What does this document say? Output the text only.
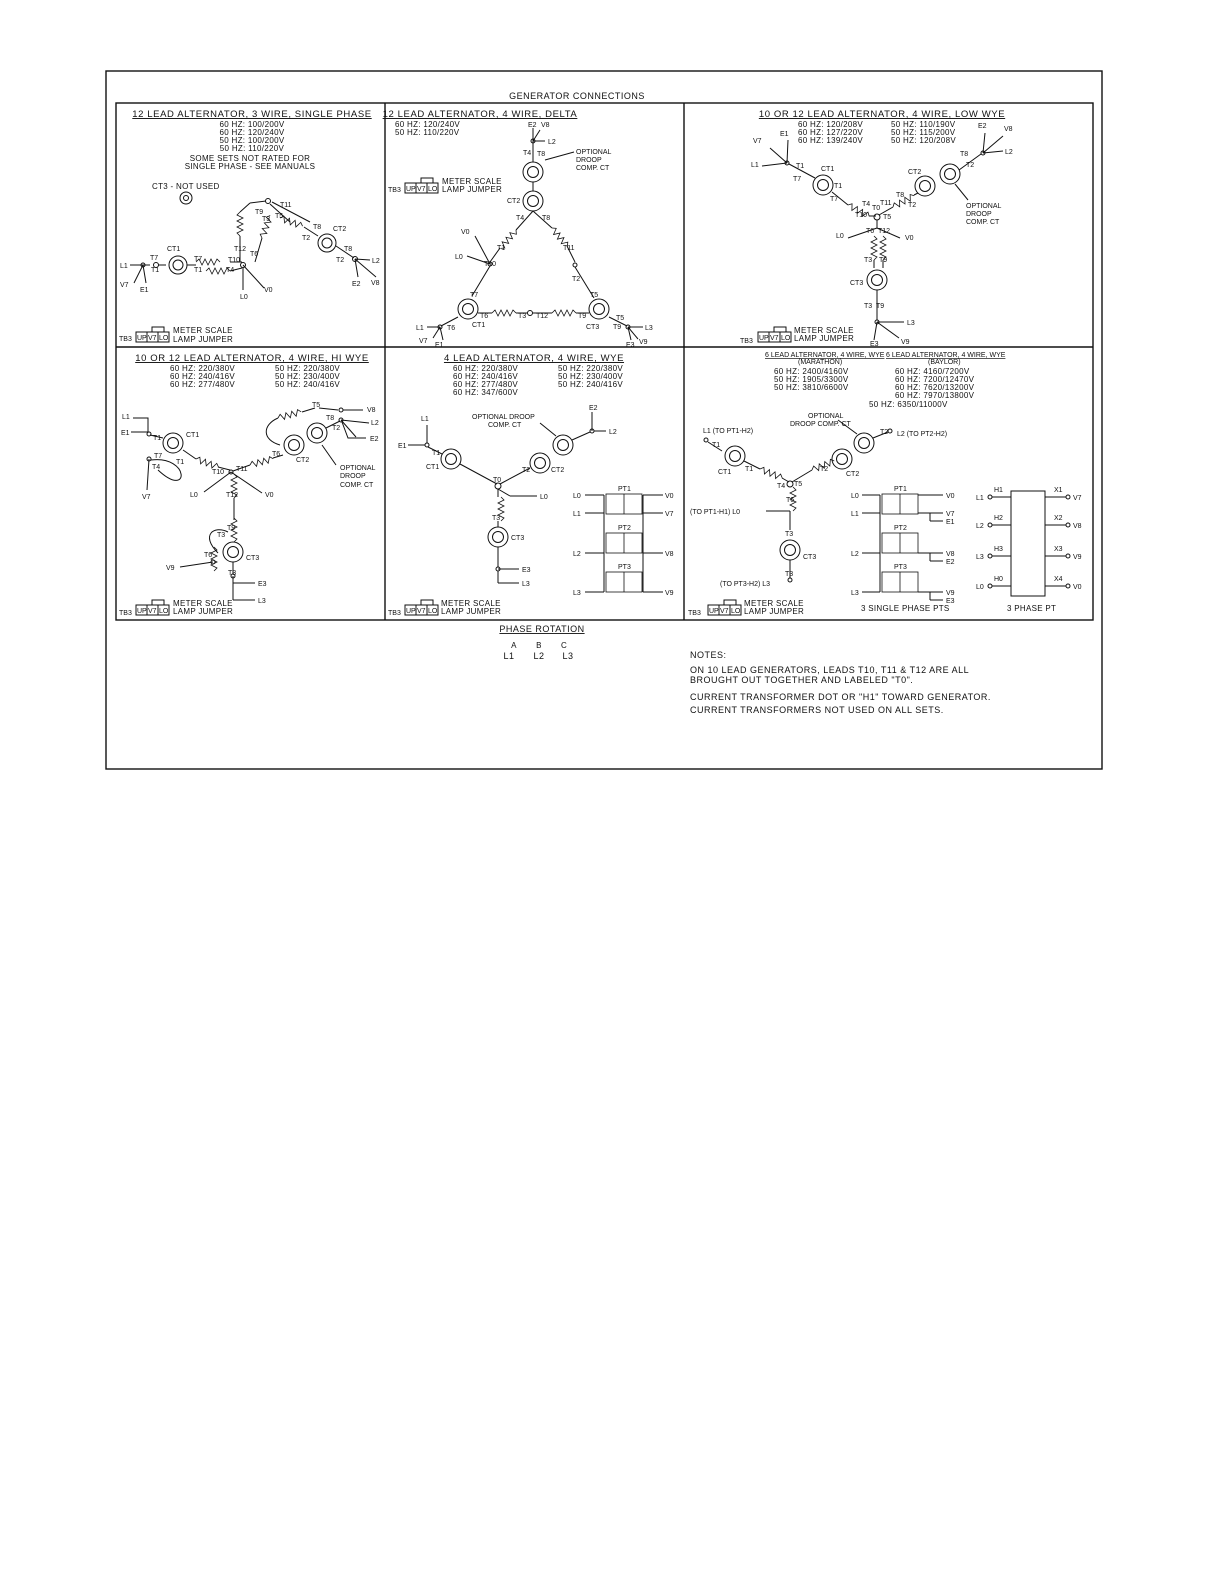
GENERATOR CONNECTIONS
12 LEAD ALTERNATOR, 3 WIRE, SINGLE PHASE
60 HZ: 100/200V
60 HZ: 120/240V
50 HZ: 100/200V
50 HZ: 110/220V
SOME SETS NOT RATED FOR
SINGLE PHASE - SEE MANUALS
CT3 - NOT USED
L1
V7
E1
T7
T1
CT1
T7
T1
T10
T4
T12
T6
L0
V0
T9
T3
T11
T5
T8
T2
CT2
T8
T2	L2
E2 V8
TB3 UP V7 LO
METER SCALE
LAMP JUMPER
12 LEAD ALTERNATOR, 4 WIRE, DELTA
60 HZ: 120/240V
50 HZ: 110/220V
E2 V8
L2
T4 T8
CT2
T4	T8
V0
L0
T1
T10
T11
T2
T7
CT1
T6	T3 T12	T9
CT3
T5
L1
V7
E1
T6
T5
T9	L3
E3 V9
OPTIONAL
DROOP
COMP. CT
TB3 UP V7 LO
METER SCALE
LAMP JUMPER
10 OR 12 LEAD ALTERNATOR, 4 WIRE, LOW WYE
60 HZ: 120/208V
60 HZ: 127/220V
60 HZ: 139/240V
50 HZ: 110/190V
50 HZ: 115/200V
50 HZ: 120/208V
V7
E1
L1	T1
T7
CT1
T1
T7
T4
T10
T0
T11
T5
T6 T12
L0	V0
T8
T2
CT2
T8
T2
E2 V8
L2
T3 T9
CT3
T3 T9
L3
E3	V9
OPTIONAL
DROOP
COMP. CT
TB3 UP V7 LO
METER SCALE
LAMP JUMPER
10 OR 12 LEAD ALTERNATOR, 4 WIRE, HI WYE
60 HZ: 220/380V
60 HZ: 240/416V
60 HZ: 277/480V
50 HZ: 220/380V
50 HZ: 230/400V
50 HZ: 240/416V
L1
E1
T1	CT1
T7
T4
T1
V7
T10 T11
L0	T12	V0
T5
V8
T8
L2
E2
T2
CT2
T6
T3
T9
T6	CT3
V9
T3
E3
L3
OPTIONAL
DROOP
COMP. CT
TB3 UP V7 LO
METER SCALE
LAMP JUMPER
4 LEAD ALTERNATOR, 4 WIRE, WYE
60 HZ: 220/380V
60 HZ: 240/416V
60 HZ: 277/480V
60 HZ: 347/600V
50 HZ: 220/380V
50 HZ: 230/400V
50 HZ: 240/416V
L1
E1
T1
CT1
T0
T2	CT2
E2
L2
L0
T3
CT3
E3
L3
OPTIONAL DROOP
COMP. CT
PT1
PT2
PT3
L0
L1
L2
L3
V0
V7
V8
V9
TB3 UP V7 LO
METER SCALE
LAMP JUMPER
6 LEAD ALTERNATOR, 4 WIRE, WYE
(MARATHON)
6 LEAD ALTERNATOR, 4 WIRE, WYE
(BAYLOR)
60 HZ: 2400/4160V
50 HZ: 1905/3300V
50 HZ: 3810/6600V
60 HZ: 4160/7200V
60 HZ: 7200/12470V
60 HZ: 7620/13200V
60 HZ: 7970/13800V
50 HZ: 6350/11000V
L1 (TO PT1-H2)
T1
CT1 T1
T4 T5
T2
CT2
T2 L2 (TO PT2-H2)
(TO PT1-H1) L0
T6
T3
CT3
(TO PT3-H2) L3
T3
OPTIONAL
DROOP COMP. CT
PT1
PT2
PT3
L0
L1
L2
L3
V0
V7
E1
V8
E2
V9
E3
3 SINGLE PHASE PTS
H1
H2
H3
H0
X1
X2
X3
X4
L1
L2
L3
L0
V7
V8
V9
V0
3 PHASE PT
TB3 UP V7 LO
METER SCALE
LAMP JUMPER
PHASE ROTATION
A B C
L1 L2 L3	NOTES:
ON 10 LEAD GENERATORS, LEADS T10, T11 & T12 ARE ALL
BROUGHT OUT TOGETHER AND LABELED "T0".
CURRENT TRANSFORMER DOT OR "H1" TOWARD GENERATOR.
CURRENT TRANSFORMERS NOT USED ON ALL SETS.
